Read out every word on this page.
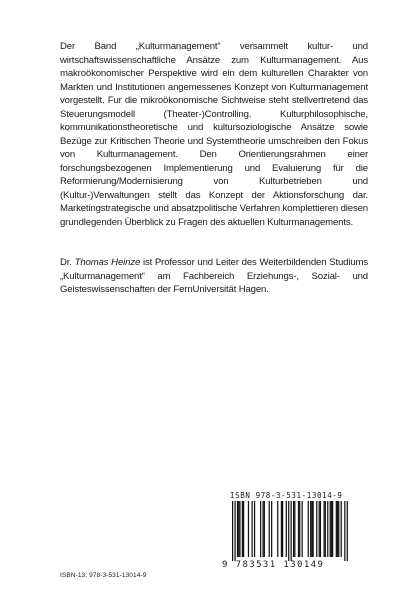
Der Band „Kulturmanagement“ versammelt kultur- und wirtschaftswissenschaftliche Ansätze zum Kulturmanagement. Aus makroökonomischer Perspektive wird ein dem kulturellen Charakter von Markten und Institutionen angemessenes Konzept von Kulturmanagement vorgestellt. Fur die mikroökonomische Sichtweise steht stellvertretend das Steuerungsmodell (Theater-)Controlling. Kulturphilosophische, kommunikationstheoretische und kultursoziologische Ansätze sowie Bezüge zur Kritischen Theorie und Systemtheorie umschreiben den Fokus von Kulturmanagement. Den Orientierungsrahmen einer forschungsbezogenen Implementierung und Evaluierung für die Reformierung/Modernisierung von Kulturbetrieben und (Kultur-)Verwaltungen stellt das Konzept der Aktionsforschung dar. Marketingstrategische und absatzpolitische Verfahren komplettieren diesen grundlegenden Überblick zu Fragen des aktuellen Kulturmanagements.

Dr. Thomas Heinze ist Professor und Leiter des Weiterbildenden Studiums „Kulturmanagement“ am Fachbereich Erziehungs-, Sozial- und Geisteswissenschaften der FernUniversität Hagen.

ISBN-13: 978-3-531-13014-9

ISBN 978-3-531-13014-9
9 783531 130149
